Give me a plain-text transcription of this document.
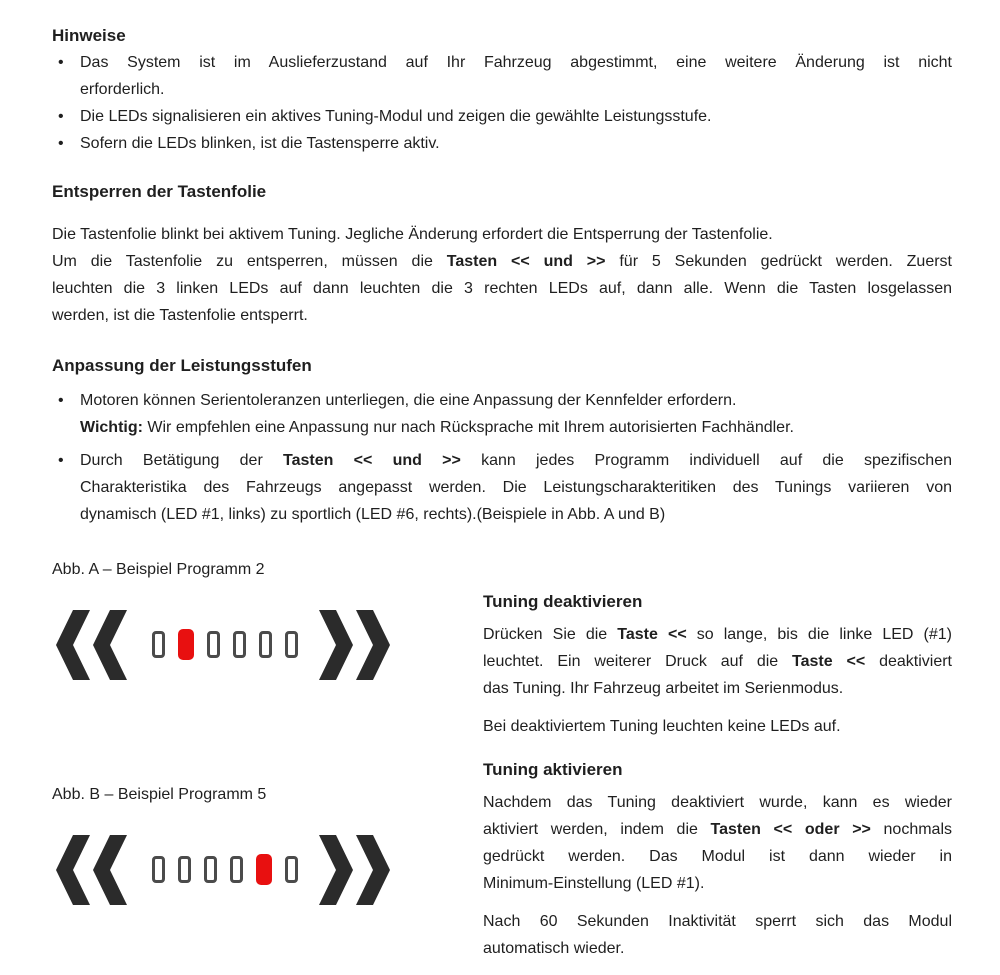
Hinweise
•	Das System ist im Auslieferzustand auf Ihr Fahrzeug abgestimmt, eine weitere Änderung ist nicht
erforderlich.
•	Die LEDs signalisieren ein aktives Tuning-Modul und zeigen die gewählte Leistungsstufe.
•	Sofern die LEDs blinken, ist die Tastensperre aktiv.
Entsperren der Tastenfolie
Die Tastenfolie blinkt bei aktivem Tuning. Jegliche Änderung erfordert die Entsperrung der Tastenfolie.
Um die Tastenfolie zu entsperren, müssen die Tasten << und >> für 5 Sekunden gedrückt werden. Zuerst
leuchten die 3 linken LEDs auf dann leuchten die 3 rechten LEDs auf, dann alle. Wenn die Tasten losgelassen
werden, ist die Tastenfolie entsperrt.
Anpassung der Leistungsstufen
•	Motoren können Serientoleranzen unterliegen, die eine Anpassung der Kennfelder erfordern.
Wichtig: Wir empfehlen eine Anpassung nur nach Rücksprache mit Ihrem autorisierten Fachhändler.
•	Durch Betätigung der Tasten << und >> kann jedes Programm individuell auf die spezifischen
Charakteristika des Fahrzeugs angepasst werden. Die Leistungscharakteritiken des Tunings variieren von
dynamisch (LED #1, links) zu sportlich (LED #6, rechts).(Beispiele in Abb. A und B)
Abb. A – Beispiel Programm 2
Abb. B – Beispiel Programm 5
Tuning deaktivieren
Drücken Sie die Taste << so lange, bis die linke LED (#1)
leuchtet. Ein weiterer Druck auf die Taste << deaktiviert
das Tuning. Ihr Fahrzeug arbeitet im Serienmodus.
Bei deaktiviertem Tuning leuchten keine LEDs auf.
Tuning aktivieren
Nachdem das Tuning deaktiviert wurde, kann es wieder
aktiviert werden, indem die Tasten << oder >> nochmals
gedrückt werden. Das Modul ist dann wieder in
Minimum-Einstellung (LED #1).
Nach 60 Sekunden Inaktivität sperrt sich das Modul
automatisch wieder.
